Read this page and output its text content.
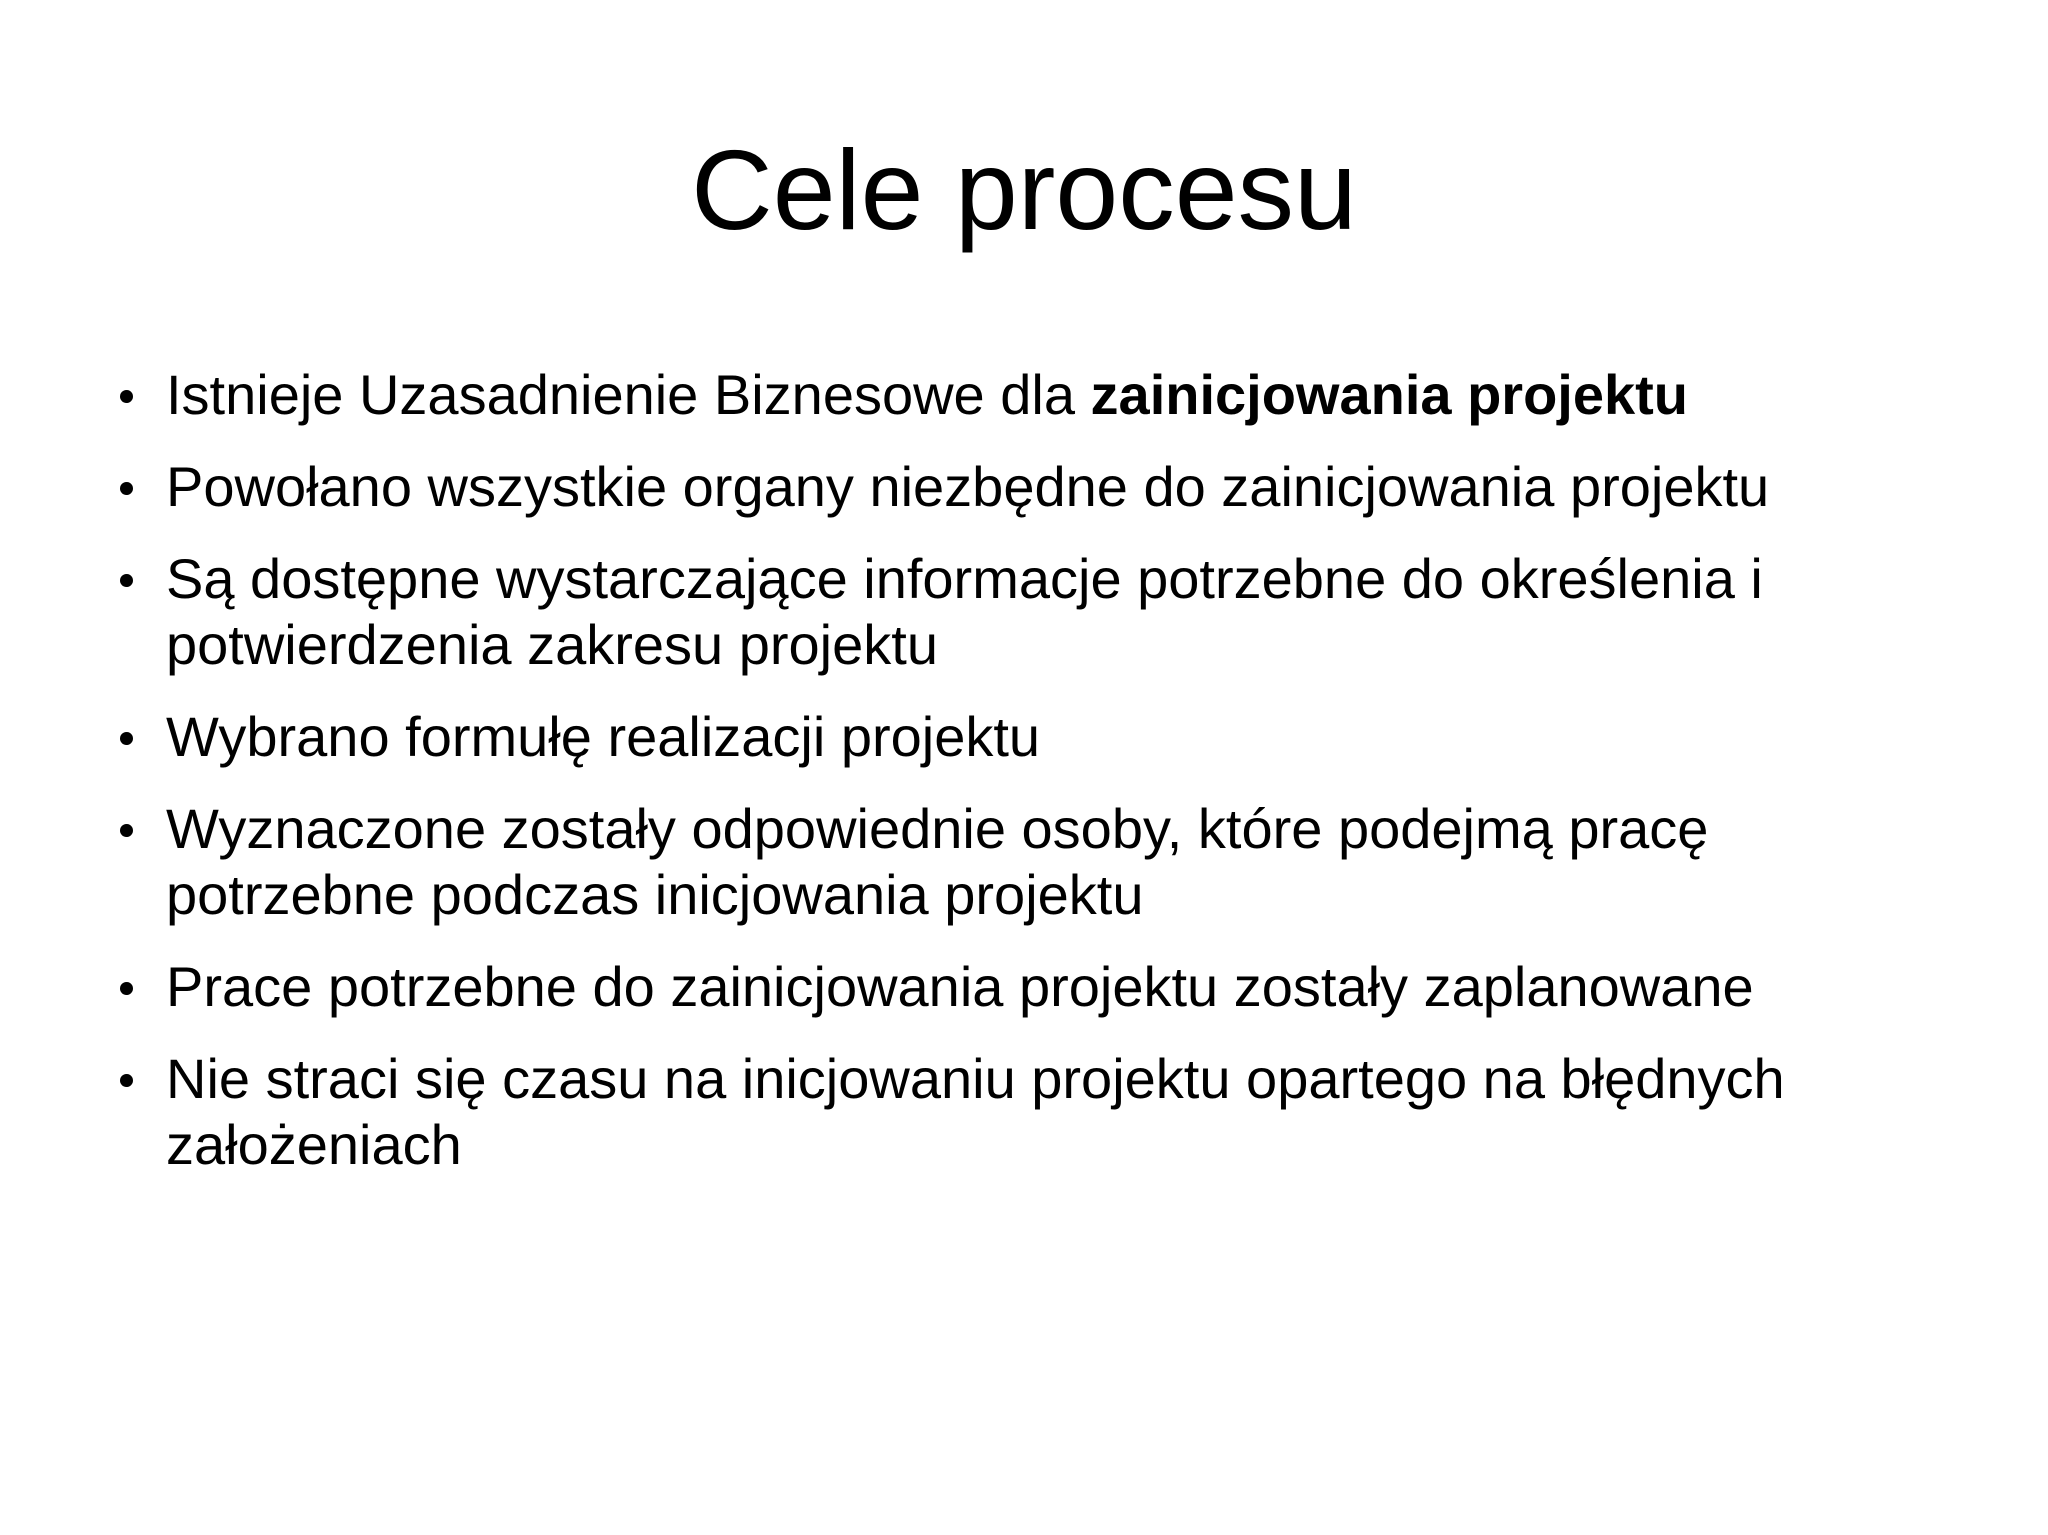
Cele procesu
Istnieje Uzasadnienie Biznesowe dla zainicjowania projektu
Powołano wszystkie organy niezbędne do zainicjowania projektu
Są dostępne wystarczające informacje potrzebne do określenia i potwierdzenia zakresu projektu
Wybrano formułę realizacji projektu
Wyznaczone zostały odpowiednie osoby, które podejmą pracę potrzebne podczas inicjowania projektu
Prace potrzebne do zainicjowania projektu zostały zaplanowane
Nie straci się czasu na inicjowaniu projektu opartego na błędnych założeniach
